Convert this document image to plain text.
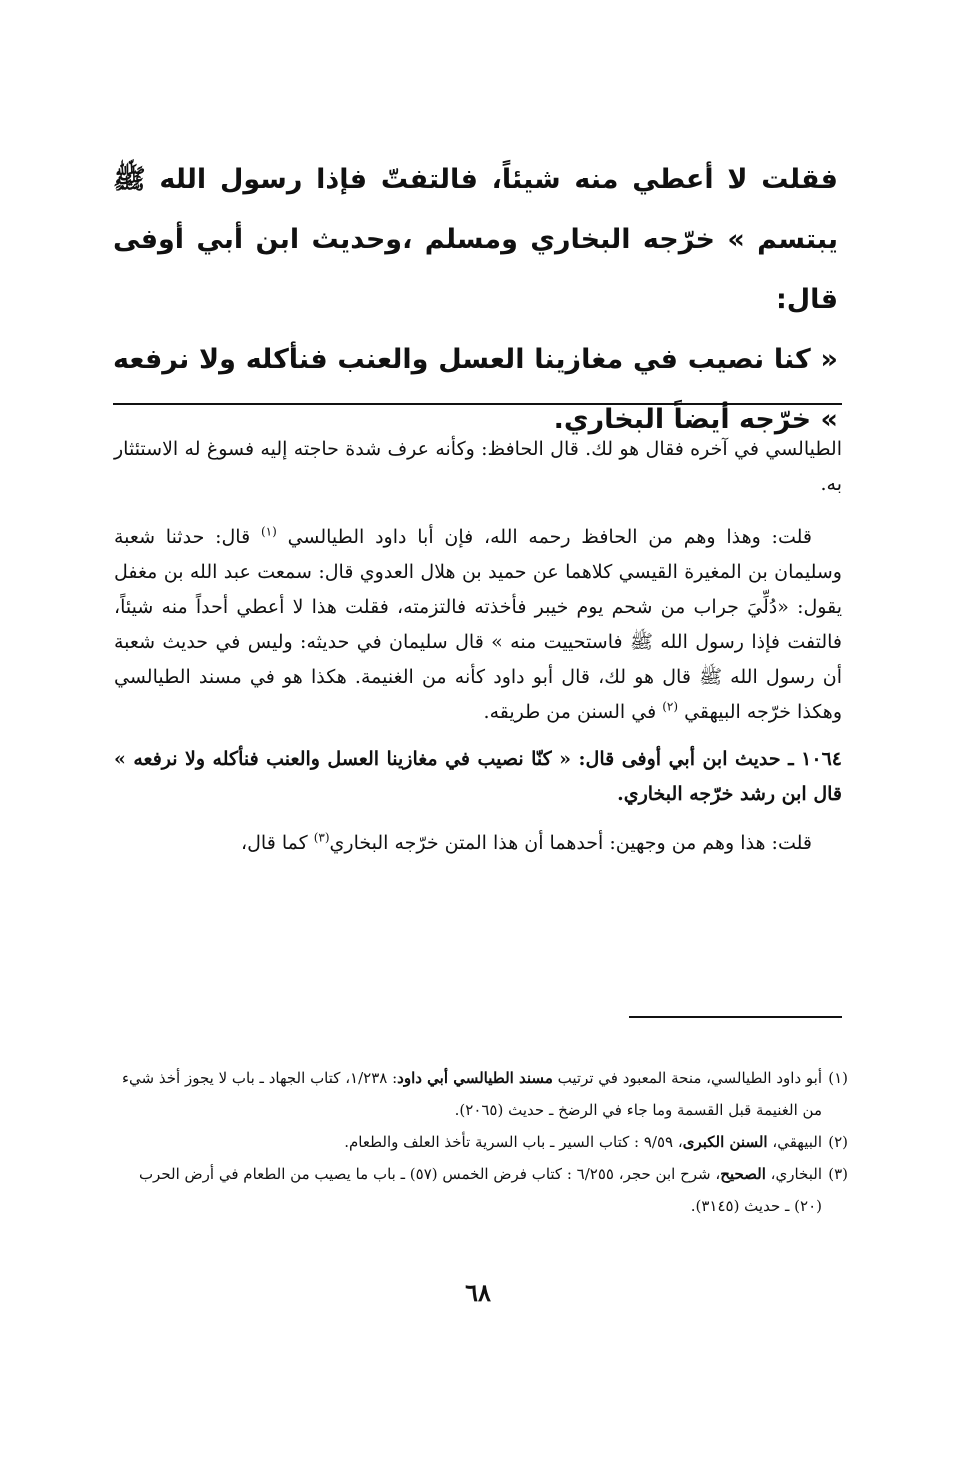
فقلت لا أعطي منه شيئاً، فالتفتّ فإذا رسول الله ﷺ يبتسم » خرّجه البخاري ومسلم ،وحديث ابن أبي أوفى قال:

« كنا نصيب في مغازينا العسل والعنب فنأكله ولا نرفعه » خرّجه أيضاً البخاري.

الطيالسي في آخره فقال هو لك. قال الحافظ: وكأنه عرف شدة حاجته إليه فسوغ له الاستئثار به.

قلت: وهذا وهم من الحافظ رحمه الله، فإن أبا داود الطيالسي $^{(١)}$ قال: حدثنا شعبة وسليمان بن المغيرة القيسي كلاهما عن حميد بن هلال العدوي قال: سمعت عبد الله بن مغفل يقول: «دُلِّيَ جراب من شحم يوم خيبر فأخذته فالتزمته، فقلت هذا لا أعطي أحداً منه شيئاً، فالتفت فإذا رسول الله ﷺ فاستحييت منه » قال سليمان في حديثه: وليس في حديث شعبة أن رسول الله ﷺ قال هو لك، قال أبو داود كأنه من الغنيمة. هكذا هو في مسند الطيالسي وهكذا خرّجه البيهقي $^{(٢)}$ في السنن من طريقه.

١٠٦٤ ـ حديث ابن أبي أوفى قال: « كنّا نصيب في مغازينا العسل والعنب فنأكله ولا نرفعه » قال ابن رشد خرّجه البخاري.

قلت: هذا وهم من وجهين: أحدهما أن هذا المتن خرّجه البخاري$^{(٣)}$ كما قال،

(١)أبو داود الطيالسي، منحة المعبود في ترتيب مسند الطيالسي أبي داود: ١/٢٣٨، كتاب الجهاد ـ باب لا يجوز أخذ شيء من الغنيمة قبل القسمة وما جاء في الرضخ ـ حديث (٢٠٦٥).

(٢)البيهقي، السنن الكبرى، ٩/٥٩ : كتاب السير ـ باب السرية تأخذ العلف والطعام.

(٣)البخاري، الصحيح، شرح ابن حجر، ٦/٢٥٥ : كتاب فرض الخمس (٥٧) ـ باب ما يصيب من الطعام في أرض الحرب (٢٠) ـ حديث (٣١٤٥).

٦٨
